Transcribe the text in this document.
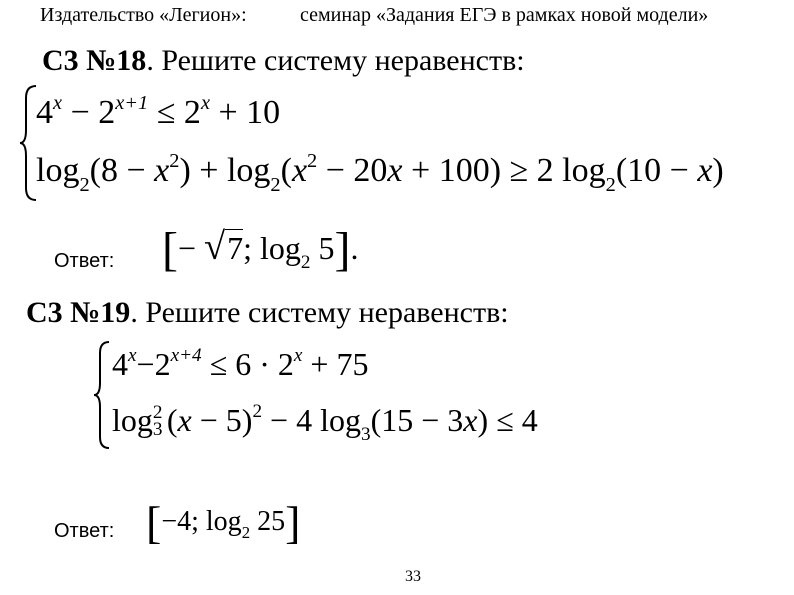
Издательство «Легион»:	семинар «Задания ЕГЭ в рамках новой модели»
С3 №18. Решите систему неравенств:
$4^x - 2^{x+1} \le 2^x + 10$
$\log_2(8 - x^2) + \log_2(x^2 - 20x + 100) \ge 2$ $\log_2(10 - x)$
Ответ: [− √7; $\log_2 5$].
С3 №19. Решите систему неравенств:
$4^x-2^{x+4} \le 6 \cdot 2^x + 75$
log 2
3 $(x - 5)^2 - 4$ $\log_3(15 - 3x) \le 4$
Ответ: [−4; $\log_2 25$]
33
